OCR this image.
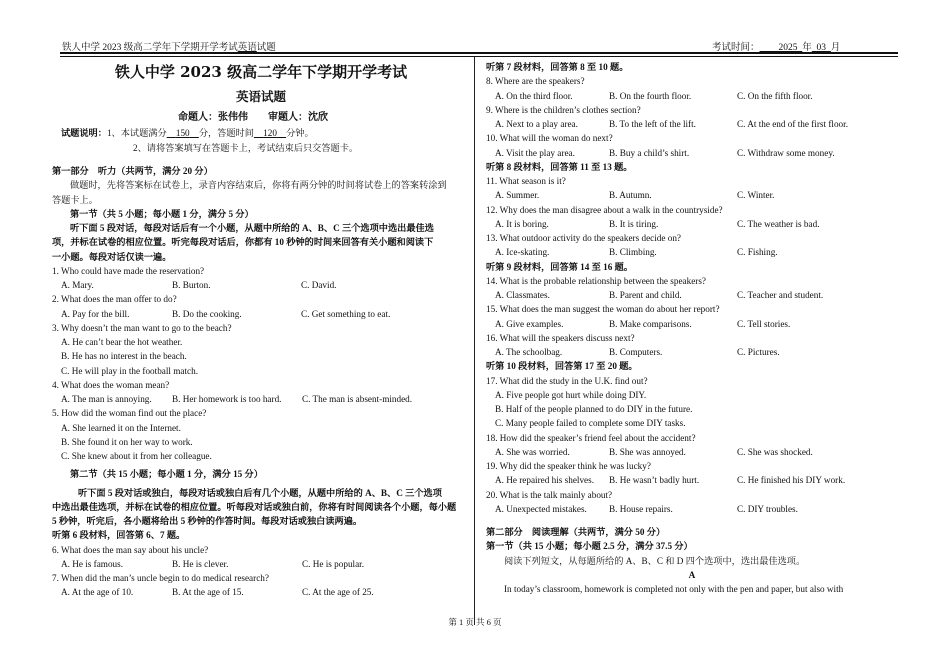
铁人中学 2023 级高二学年下学期开学考试英语试题	考试时间：   2025  年  03  月
铁人中学 2023 级高二学年下学期开学考试
英语试题
命题人：张伟伟   审题人：沈欣
试题说明：1、本试题满分   150   分，答题时间   120   分钟。
2、请将答案填写在答题卡上，考试结束后只交答题卡。
第一部分　听力（共两节，满分 20 分）
做题时，先将答案标在试卷上，录音内容结束后，你将有两分钟的时间将试卷上的答案转涂到
答题卡上。
第一节（共 5 小题；每小题 1 分，满分 5 分）
听下面 5 段对话，每段对话后有一个小题，从题中所给的 A、B、C 三个选项中选出最佳选
项，并标在试卷的相应位置。听完每段对话后，你都有 10 秒钟的时间来回答有关小题和阅读下
一小题。每段对话仅读一遍。
1. Who could have made the reservation?
A. Mary.	B. Burton.	C. David.
2. What does the man offer to do?
A. Pay for the bill.	B. Do the cooking.	C. Get something to eat.
3. Why doesn’t the man want to go to the beach?
A. He can’t bear the hot weather.
B. He has no interest in the beach.
C. He will play in the football match.
4. What does the woman mean?
A. The man is annoying.	B. Her homework is too hard.	C. The man is absent-minded.
5. How did the woman find out the place?
A. She learned it on the Internet.
B. She found it on her way to work.
C. She knew about it from her colleague.
第二节（共 15 小题；每小题 1 分，满分 15 分）
听下面 5 段对话或独白，每段对话或独白后有几个小题，从题中所给的 A、B、C 三个选项
中选出最佳选项，并标在试卷的相应位置。听每段对话或独白前，你将有时间阅读各个小题，每小题
5 秒钟，听完后，各小题将给出 5 秒钟的作答时间。每段对话或独白读两遍。
听第 6 段材料，回答第 6、7 题。
6. What does the man say about his uncle?
A. He is famous.	B. He is clever.	C. He is popular.
7. When did the man’s uncle begin to do medical research?
A. At the age of 10.	B. At the age of 15.	C. At the age of 25.
听第 7 段材料，回答第 8 至 10 题。
8. Where are the speakers?
A. On the third floor.	B. On the fourth floor.	C. On the fifth floor.
9. Where is the children’s clothes section?
A. Next to a play area.	B. To the left of the lift.	C. At the end of the first floor.
10. What will the woman do next?
A. Visit the play area.	B. Buy a child’s shirt.	C. Withdraw some money.
听第 8 段材料，回答第 11 至 13 题。
11. What season is it?
A. Summer.	B. Autumn.	C. Winter.
12. Why does the man disagree about a walk in the countryside?
A. It is boring.	B. It is tiring.	C. The weather is bad.
13. What outdoor activity do the speakers decide on?
A. Ice-skating.	B. Climbing.	C. Fishing.
听第 9 段材料，回答第 14 至 16 题。
14. What is the probable relationship between the speakers?
A. Classmates.	B. Parent and child.	C. Teacher and student.
15. What does the man suggest the woman do about her report?
A. Give examples.	B. Make comparisons.	C. Tell stories.
16. What will the speakers discuss next?
A. The schoolbag.	B. Computers.	C. Pictures.
听第 10 段材料，回答第 17 至 20 题。
17. What did the study in the U.K. find out?
A. Five people got hurt while doing DIY.
B. Half of the people planned to do DIY in the future.
C. Many people failed to complete some DIY tasks.
18. How did the speaker’s friend feel about the accident?
A. She was worried.	B. She was annoyed.	C. She was shocked.
19. Why did the speaker think he was lucky?
A. He repaired his shelves.	B. He wasn’t badly hurt.	C. He finished his DIY work.
20. What is the talk mainly about?
A. Unexpected mistakes.	B. House repairs.	C. DIY troubles.
第二部分　阅读理解（共两节，满分 50 分）
第一节（共 15 小题；每小题 2.5 分，满分 37.5 分）
阅读下列短文，从每题所给的 A、B、C 和 D 四个选项中，选出最佳选项。
A
In today’s classroom, homework is completed not only with the pen and paper, but also with
第 1 页 共 6 页
